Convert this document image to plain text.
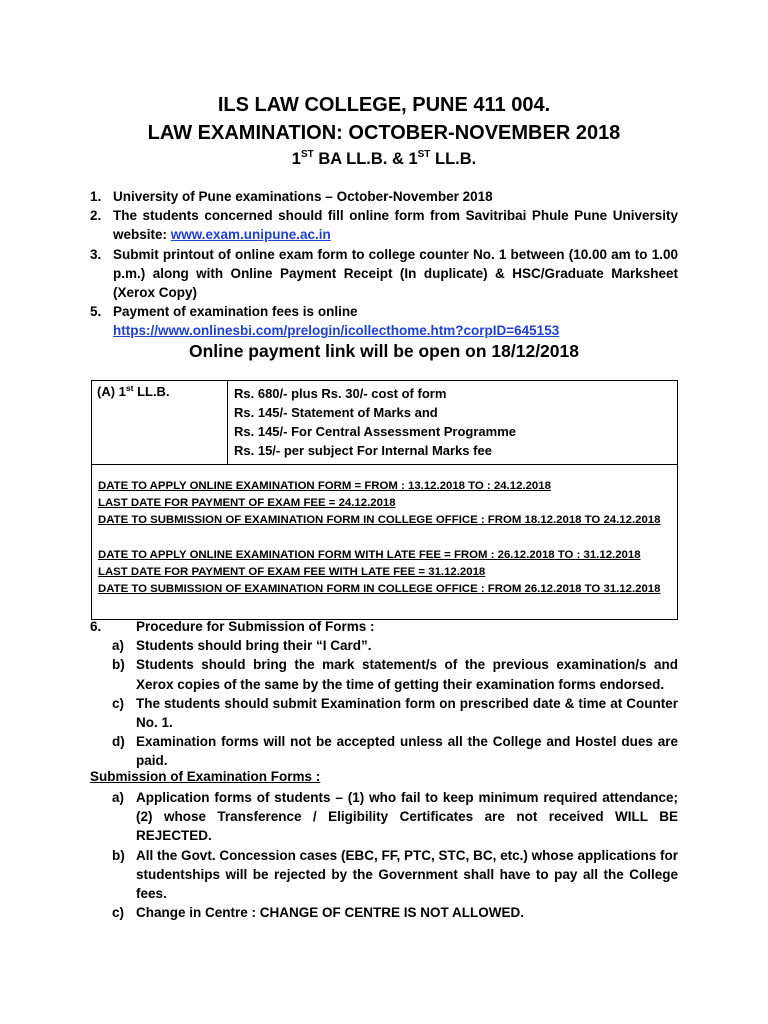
ILS LAW COLLEGE, PUNE 411 004.
LAW EXAMINATION: OCTOBER-NOVEMBER 2018
1ST BA LL.B. & 1ST LL.B.
1. University of Pune examinations – October-November 2018
2. The students concerned should fill online form from Savitribai Phule Pune University website: www.exam.unipune.ac.in
3. Submit printout of online exam form to college counter No. 1 between (10.00 am to 1.00 p.m.) along with Online Payment Receipt (In duplicate) & HSC/Graduate Marksheet (Xerox Copy)
5. Payment of examination fees is online
https://www.onlinesbi.com/prelogin/icollecthome.htm?corpID=645153
Online payment link will be open on 18/12/2018
(A) 1st LL.B.	Rs. 680/- plus Rs. 30/- cost of form
Rs. 145/- Statement of Marks and
Rs. 145/- For Central Assessment Programme
Rs. 15/- per subject For Internal Marks fee
DATE TO APPLY ONLINE EXAMINATION FORM = FROM : 13.12.2018 TO : 24.12.2018
LAST DATE FOR PAYMENT OF EXAM FEE = 24.12.2018
DATE TO SUBMISSION OF EXAMINATION FORM IN COLLEGE OFFICE : FROM 18.12.2018 TO 24.12.2018
DATE TO APPLY ONLINE EXAMINATION FORM WITH LATE FEE = FROM : 26.12.2018 TO : 31.12.2018
LAST DATE FOR PAYMENT OF EXAM FEE WITH LATE FEE = 31.12.2018
DATE TO SUBMISSION OF EXAMINATION FORM IN COLLEGE OFFICE : FROM 26.12.2018 TO 31.12.2018
6.	Procedure for Submission of Forms :
a) Students should bring their “I Card”.
b) Students should bring the mark statement/s of the previous examination/s and Xerox copies of the same by the time of getting their examination forms endorsed.
c) The students should submit Examination form on prescribed date & time at Counter No. 1.
d) Examination forms will not be accepted unless all the College and Hostel dues are paid.
Submission of Examination Forms :
a) Application forms of students – (1) who fail to keep minimum required attendance; (2) whose Transference / Eligibility Certificates are not received WILL BE REJECTED.
b) All the Govt. Concession cases (EBC, FF, PTC, STC, BC, etc.) whose applications for studentships will be rejected by the Government shall have to pay all the College fees.
c) Change in Centre : CHANGE OF CENTRE IS NOT ALLOWED.
